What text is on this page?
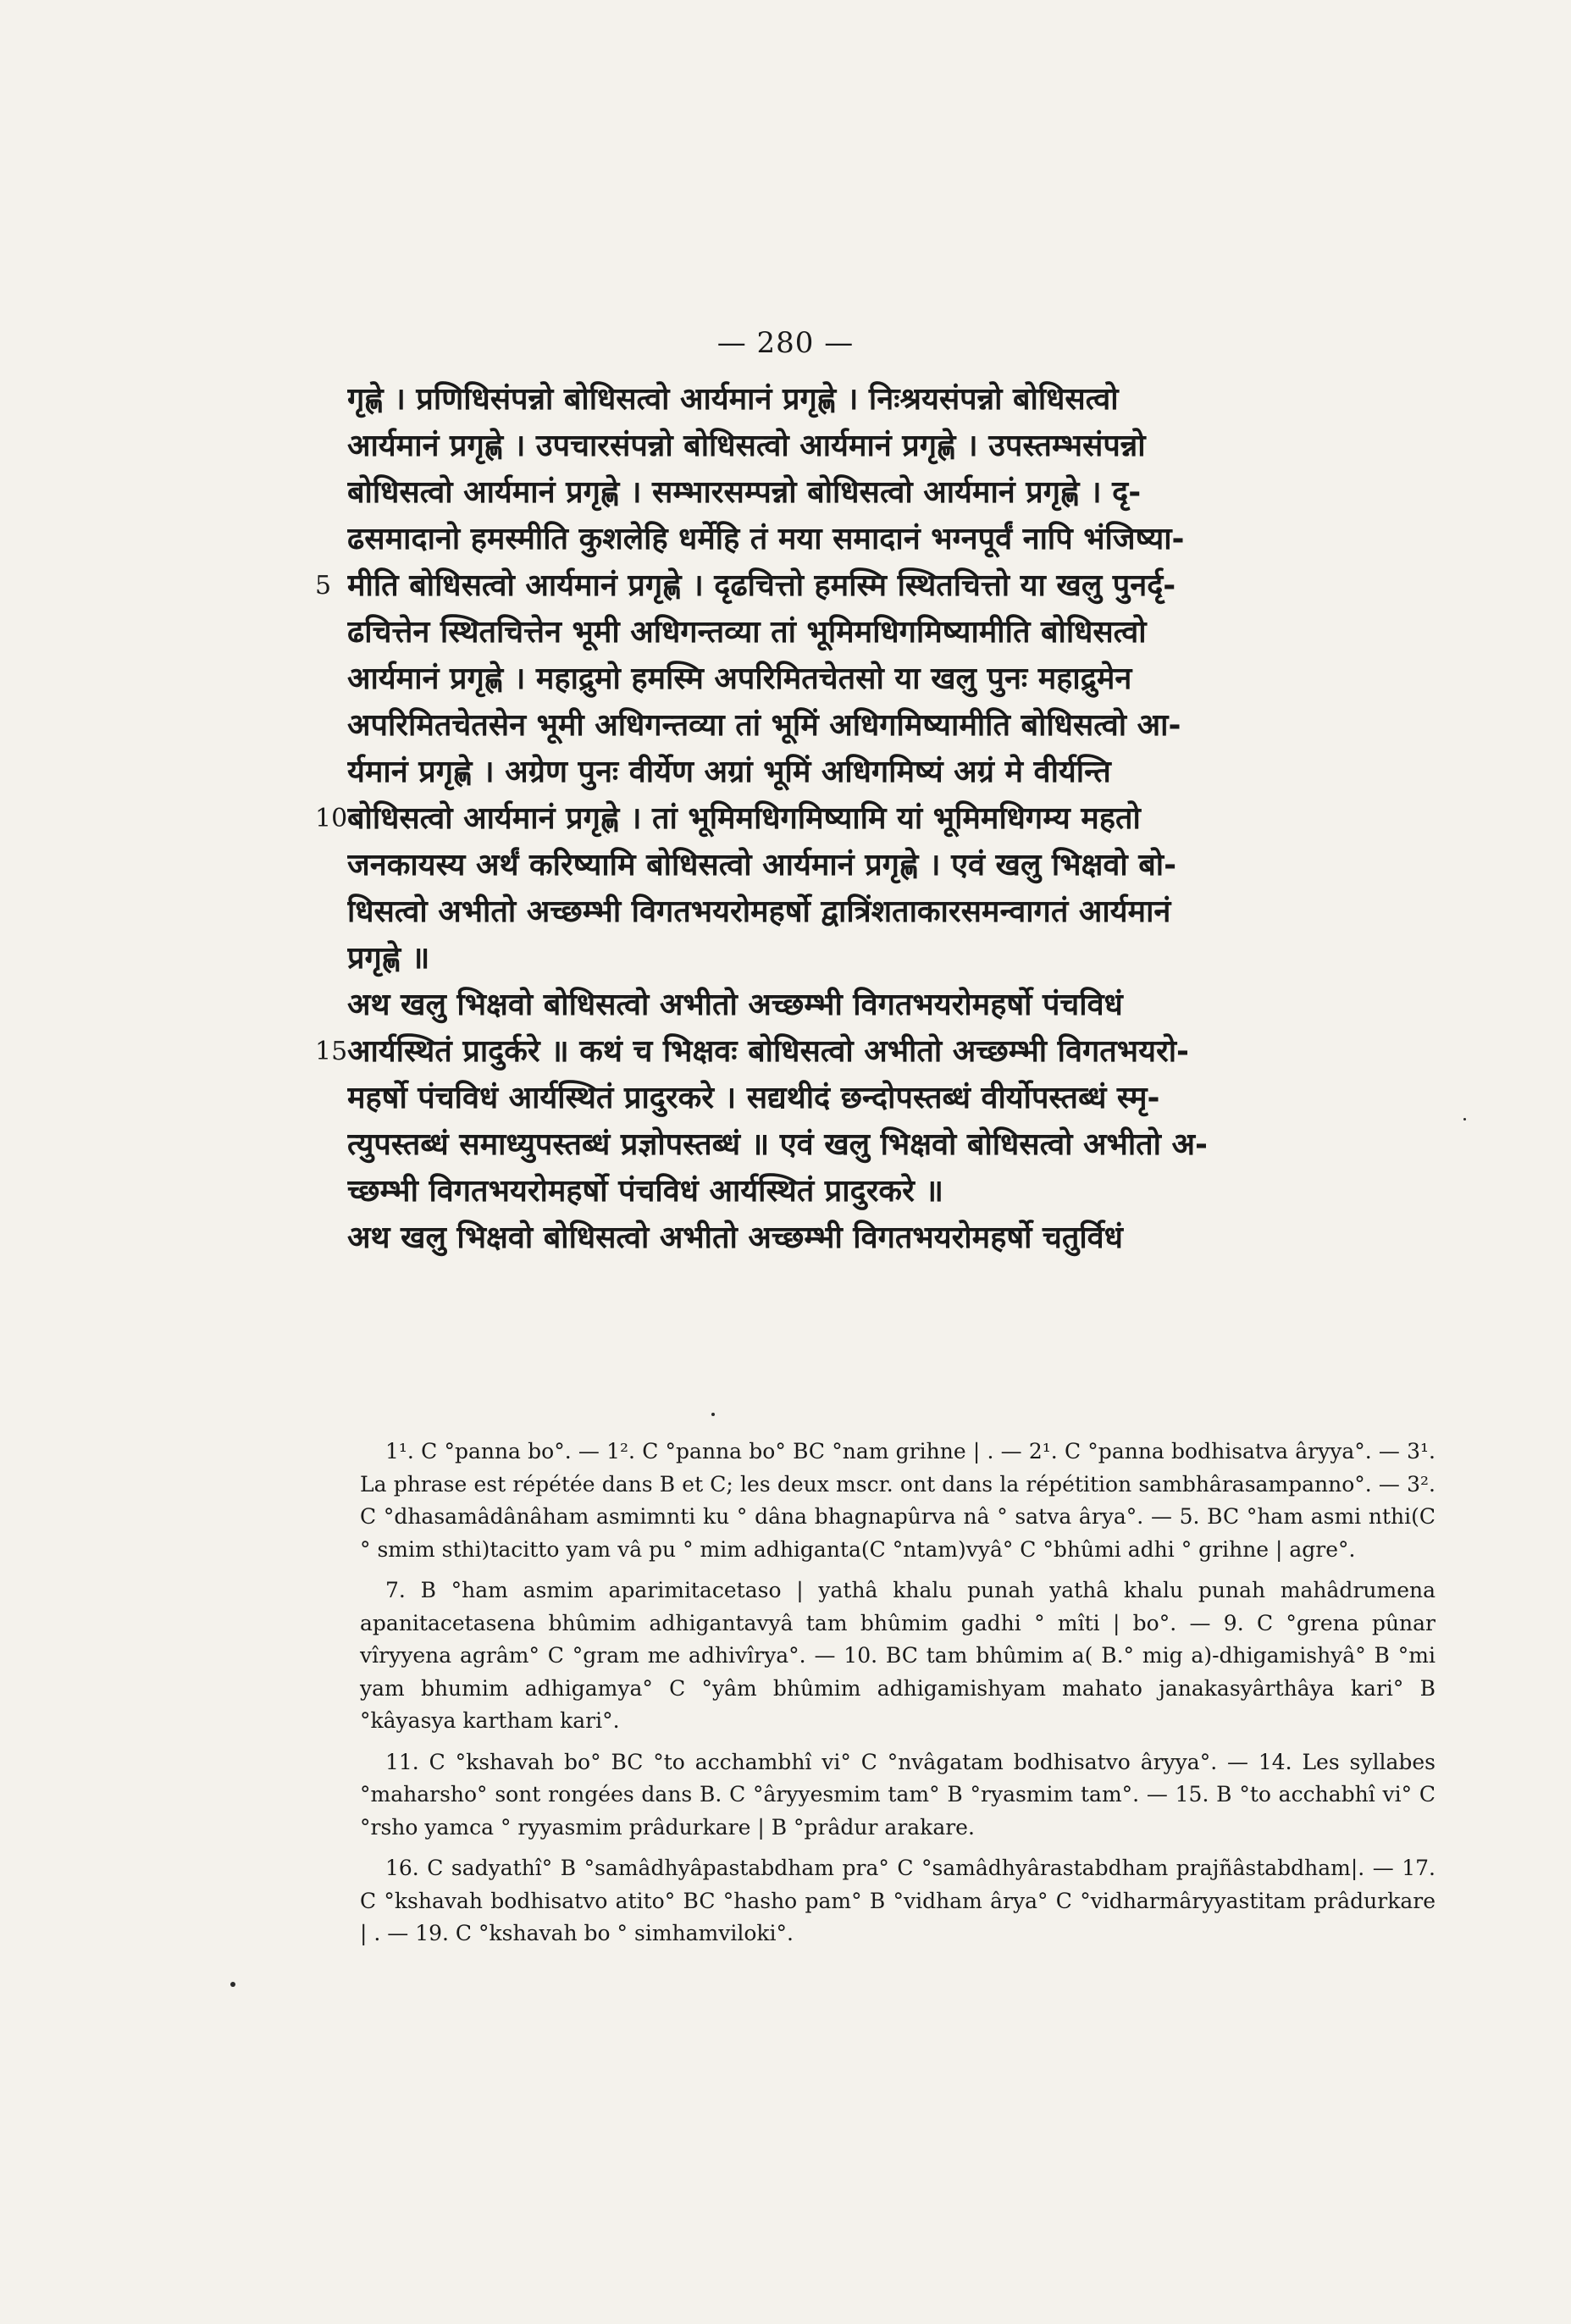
— 280 —
गृह्णे । प्रणिधिसंपन्नो बोधिसत्वो आर्यमानं प्रगृह्णे । निःश्रयसंपन्नो बोधिसत्वो
आर्यमानं प्रगृह्णे । उपचारसंपन्नो बोधिसत्वो आर्यमानं प्रगृह्णे । उपस्तम्भसंपन्नो
बोधिसत्वो आर्यमानं प्रगृह्णे । सम्भारसम्पन्नो बोधिसत्वो आर्यमानं प्रगृह्णे । दृ-
ढसमादानो हमस्मीति कुशलेहि धर्मेहि तं मया समादानं भग्नपूर्वं नापि भंजिष्या-
5 मीति बोधिसत्वो आर्यमानं प्रगृह्णे । दृढचित्तो हमस्मि स्थितचित्तो या खलु पुनर्दृ-
ढचित्तेन स्थितचित्तेन भूमी अधिगन्तव्या तां भूमिमधिगमिष्यामीति बोधिसत्वो
आर्यमानं प्रगृह्णे । महाद्रुमो हमस्मि अपरिमितचेतसो या खलु पुनः महाद्रुमेन
अपरिमितचेतसेन भूमी अधिगन्तव्या तां भूमिं अधिगमिष्यामीति बोधिसत्वो आ-
र्यमानं प्रगृह्णे । अग्रेण पुनः वीर्येण अग्रां भूमिं अधिगमिष्यं अग्रं मे वीर्यन्ति
10 बोधिसत्वो आर्यमानं प्रगृह्णे । तां भूमिमधिगमिष्यामि यां भूमिमधिगम्य महतो
जनकायस्य अर्थं करिष्यामि बोधिसत्वो आर्यमानं प्रगृह्णे । एवं खलु भिक्षवो बो-
धिसत्वो अभीतो अच्छम्भी विगतभयरोमहर्षो द्वात्रिंशताकारसमन्वागतं आर्यमानं
प्रगृह्णे ॥
अथ खलु भिक्षवो बोधिसत्वो अभीतो अच्छम्भी विगतभयरोमहर्षो पंचविधं
15 आर्यस्थितं प्रादुर्करे ॥ कथं च भिक्षवः बोधिसत्वो अभीतो अच्छम्भी विगतभयरो-
महर्षो पंचविधं आर्यस्थितं प्रादुरकरे । सद्यथीदं छन्दोपस्तब्धं वीर्योपस्तब्धं स्मृ-
त्युपस्तब्धं समाध्युपस्तब्धं प्रज्ञोपस्तब्धं ॥ एवं खलु भिक्षवो बोधिसत्वो अभीतो अ-
च्छम्भी विगतभयरोमहर्षो पंचविधं आर्यस्थितं प्रादुरकरे ॥
अथ खलु भिक्षवो बोधिसत्वो अभीतो अच्छम्भी विगतभयरोमहर्षो चतुर्विधं

1¹. C °panna bo°. — 1². C °panna bo° BC °nam grihne | . — 2¹. C °panna bodhisatva âryya°. — 3¹. La phrase est répétée dans B et C; les deux mscr. ont dans la répétition sambhârasampanno°. — 3². C °dhasamâdânâham asmimnti ku ° dâna bhagnapûrva nâ ° satva ârya°. — 5. BC °ham asmi nthi(C ° smim sthi)tacitto yam vâ pu ° mim adhiganta(C °ntam)vyâ° C °bhûmi adhi ° grihne | agre°.

7. B °ham asmim aparimitacetaso | yathâ khalu punah yathâ khalu punah mahâdrumena apanitacetasena bhûmim adhigantavyâ tam bhûmim gadhi ° mîti | bo°. — 9. C °grena pûnar vîryyena agrâm° C °gram me adhivîrya°. — 10. BC tam bhûmim a( B.° mig a)-dhigamishyâ° B °mi yam bhumim adhigamya° C °yâm bhûmim adhigamishyam mahato janakasyârthâya kari° B °kâyasya kartham kari°.

11. C °kshavah bo° BC °to acchambhî vi° C °nvâgatam bodhisatvo âryya°. — 14. Les syllabes °maharsho° sont rongées dans B. C °âryyesmim tam° B °ryasmim tam°. — 15. B °to acchabhî vi° C °rsho yamca ° ryyasmim prâdurkare | B °prâdur arakare.

16. C sadyathî° B °samâdhyâpastabdham pra° C °samâdhyârastabdham prajñâstabdham|. — 17. C °kshavah bodhisatvo atito° BC °hasho pam° B °vidham ârya° C °vidharmâryyastitam prâdurkare | . — 19. C °kshavah bo ° simhamviloki°.
